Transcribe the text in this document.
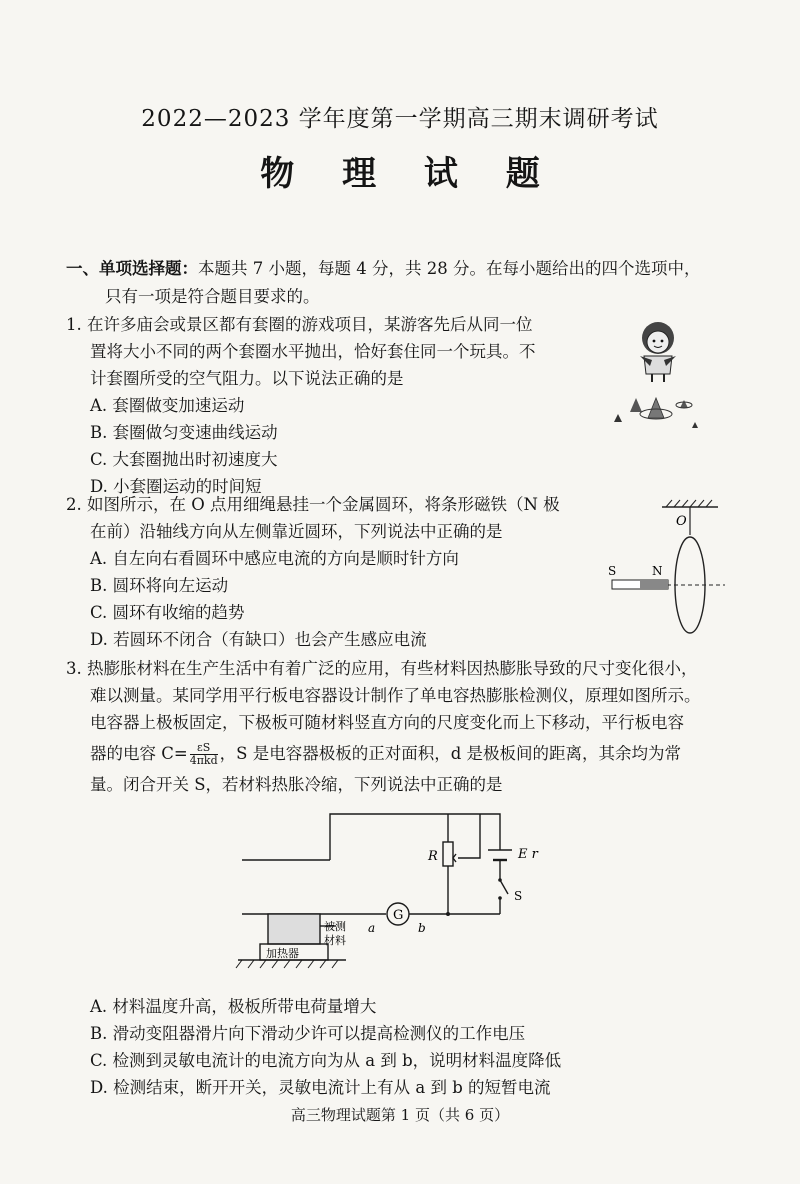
2022—2023 学年度第一学期高三期末调研考试
物 理 试 题
一、单项选择题：本题共 7 小题，每题 4 分，共 28 分。在每小题给出的四个选项中，
只有一项是符合题目要求的。
1. 在许多庙会或景区都有套圈的游戏项目，某游客先后从同一位
置将大小不同的两个套圈水平抛出，恰好套住同一个玩具。不
计套圈所受的空气阻力。以下说法正确的是
A. 套圈做变加速运动
B. 套圈做匀变速曲线运动
C. 大套圈抛出时初速度大
D. 小套圈运动的时间短
2. 如图所示，在 O 点用细绳悬挂一个金属圆环，将条形磁铁（N 极
在前）沿轴线方向从左侧靠近圆环，下列说法中正确的是
A. 自左向右看圆环中感应电流的方向是顺时针方向
B. 圆环将向左运动
C. 圆环有收缩的趋势
D. 若圆环不闭合（有缺口）也会产生感应电流
O
S	N
3. 热膨胀材料在生产生活中有着广泛的应用，有些材料因热膨胀导致的尺寸变化很小，
难以测量。某同学用平行板电容器设计制作了单电容热膨胀检测仪，原理如图所示。
电容器上极板固定，下极板可随材料竖直方向的尺度变化而上下移动，平行板电容
器的电容 $C= \frac{\varepsilon S}{\text{4πkd}}$ ，S 是电容器极板的正对面积，d 是极板间的距离，其余均为常
量。闭合开关 S，若材料热胀冷缩，下列说法中正确的是
R	E r
S
G
a	b
被测
材料
加热器
A. 材料温度升高，极板所带电荷量增大
B. 滑动变阻器滑片向下滑动少许可以提高检测仪的工作电压
C. 检测到灵敏电流计的电流方向为从 a 到 b，说明材料温度降低
D. 检测结束，断开开关，灵敏电流计上有从 a 到 b 的短暂电流
高三物理试题第 1 页（共 6 页）
